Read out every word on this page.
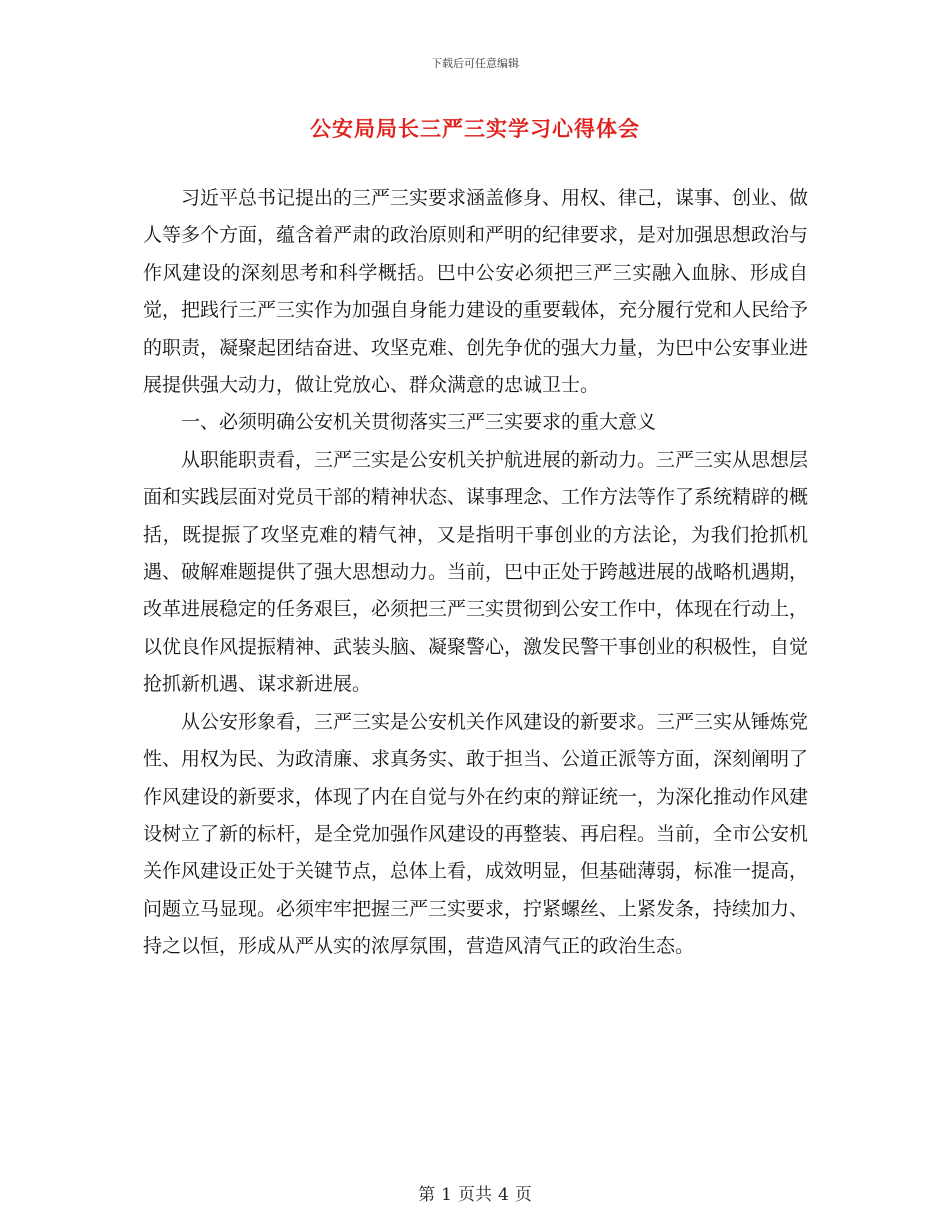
下载后可任意编辑
公安局局长三严三实学习心得体会

习近平总书记提出的三严三实要求涵盖修身、用权、律己，谋事、创业、做人等多个方面，蕴含着严肃的政治原则和严明的纪律要求，是对加强思想政治与作风建设的深刻思考和科学概括。巴中公安必须把三严三实融入血脉、形成自觉，把践行三严三实作为加强自身能力建设的重要载体，充分履行党和人民给予的职责，凝聚起团结奋进、攻坚克难、创先争优的强大力量，为巴中公安事业进展提供强大动力，做让党放心、群众满意的忠诚卫士。

一、必须明确公安机关贯彻落实三严三实要求的重大意义

从职能职责看，三严三实是公安机关护航进展的新动力。三严三实从思想层面和实践层面对党员干部的精神状态、谋事理念、工作方法等作了系统精辟的概括，既提振了攻坚克难的精气神，又是指明干事创业的方法论，为我们抢抓机遇、破解难题提供了强大思想动力。当前，巴中正处于跨越进展的战略机遇期，改革进展稳定的任务艰巨，必须把三严三实贯彻到公安工作中，体现在行动上，以优良作风提振精神、武装头脑、凝聚警心，激发民警干事创业的积极性，自觉抢抓新机遇、谋求新进展。

从公安形象看，三严三实是公安机关作风建设的新要求。三严三实从锤炼党性、用权为民、为政清廉、求真务实、敢于担当、公道正派等方面，深刻阐明了作风建设的新要求，体现了内在自觉与外在约束的辩证统一，为深化推动作风建设树立了新的标杆，是全党加强作风建设的再整装、再启程。当前，全市公安机关作风建设正处于关键节点，总体上看，成效明显，但基础薄弱，标准一提高，问题立马显现。必须牢牢把握三严三实要求，拧紧螺丝、上紧发条，持续加力、持之以恒，形成从严从实的浓厚氛围，营造风清气正的政治生态。

第 1 页共 4 页
